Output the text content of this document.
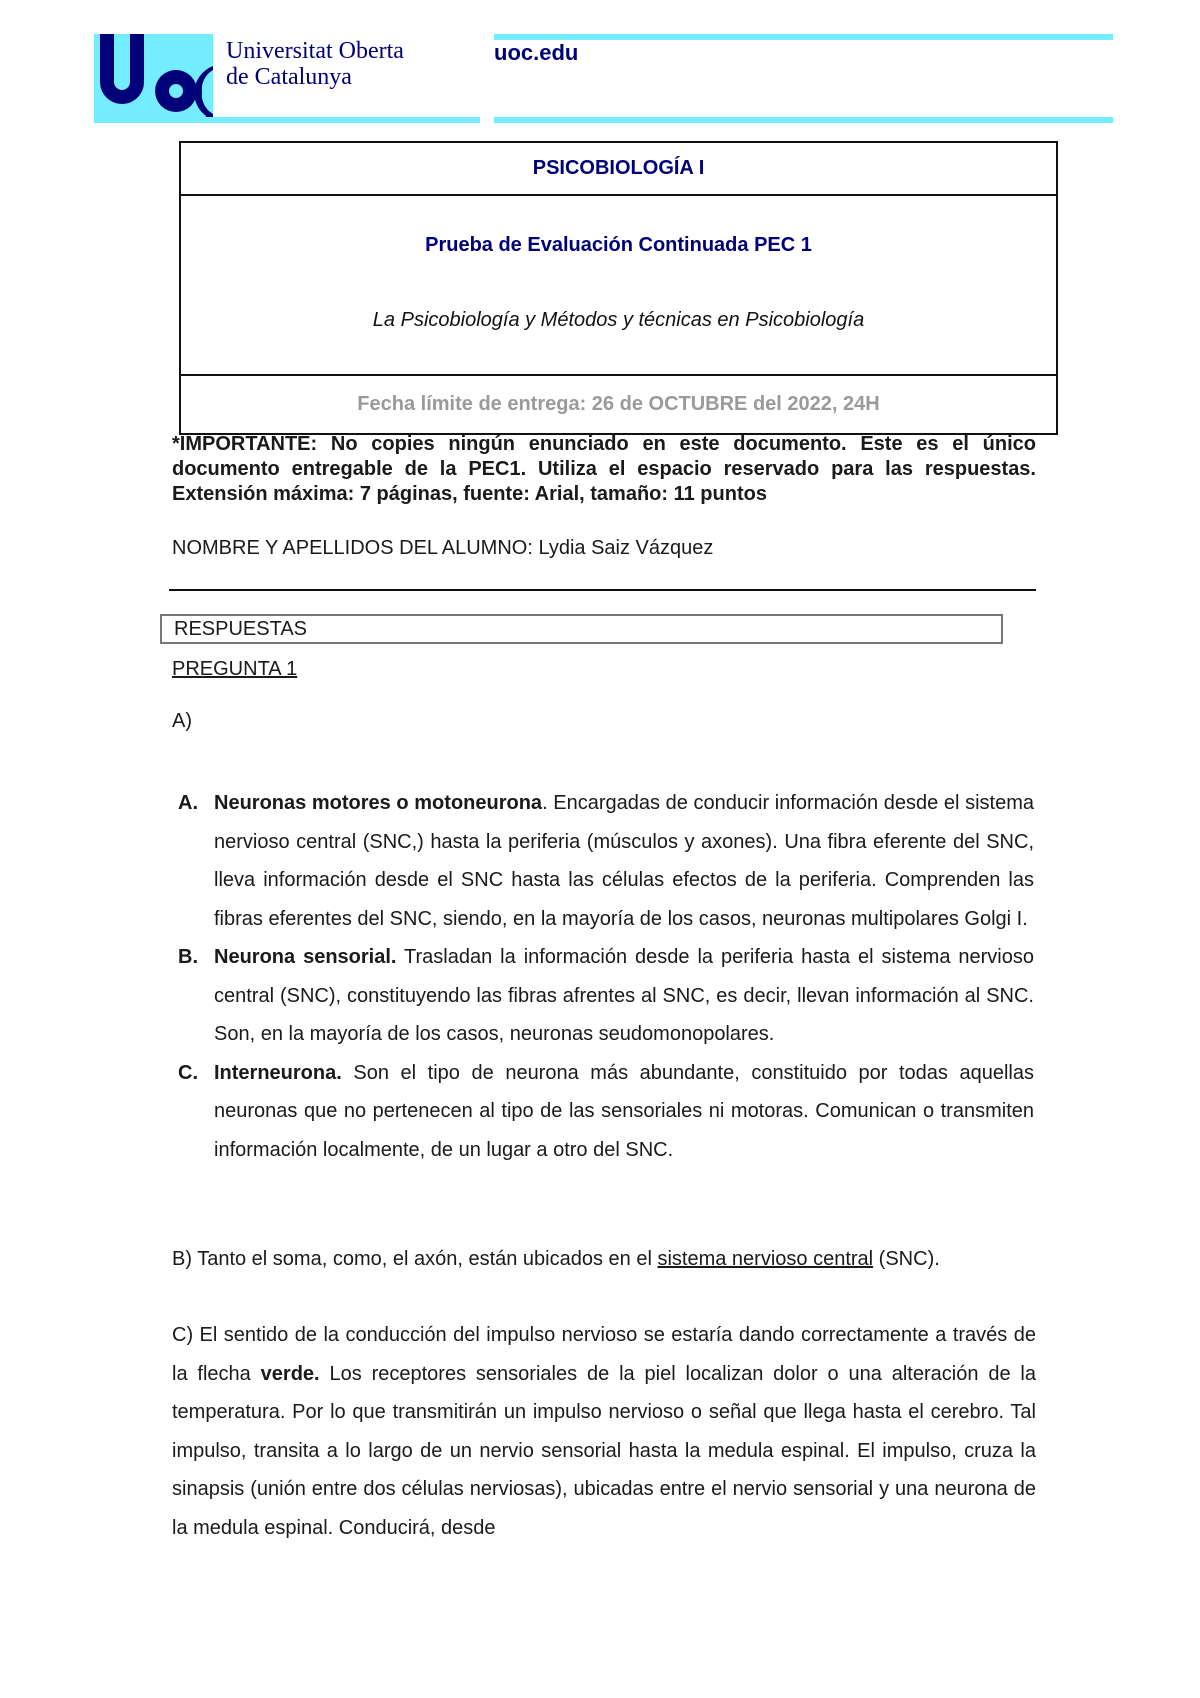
Universitat Oberta
de Catalunya
uoc.edu
PSICOBIOLOGÍA I
Prueba de Evaluación Continuada PEC 1
La Psicobiología y Métodos y técnicas en Psicobiología
Fecha límite de entrega: 26 de OCTUBRE del 2022, 24H
*IMPORTANTE: No copies ningún enunciado en este documento. Este es el único documento entregable de la PEC1. Utiliza el espacio reservado para las respuestas. Extensión máxima: 7 páginas, fuente: Arial, tamaño: 11 puntos
NOMBRE Y APELLIDOS DEL ALUMNO: Lydia Saiz Vázquez
RESPUESTAS
PREGUNTA 1
A)
A. Neuronas motores o motoneurona. Encargadas de conducir información desde el sistema nervioso central (SNC,) hasta la periferia (músculos y axones). Una fibra eferente del SNC, lleva información desde el SNC hasta las células efectos de la periferia. Comprenden las fibras eferentes del SNC, siendo, en la mayoría de los casos, neuronas multipolares Golgi I.
B. Neurona sensorial. Trasladan la información desde la periferia hasta el sistema nervioso central (SNC), constituyendo las fibras afrentes al SNC, es decir, llevan información al SNC. Son, en la mayoría de los casos, neuronas seudomonopolares.
C. Interneurona. Son el tipo de neurona más abundante, constituido por todas aquellas neuronas que no pertenecen al tipo de las sensoriales ni motoras. Comunican o transmiten información localmente, de un lugar a otro del SNC.
B) Tanto el soma, como, el axón, están ubicados en el sistema nervioso central (SNC).
C) El sentido de la conducción del impulso nervioso se estaría dando correctamente a través de la flecha verde. Los receptores sensoriales de la piel localizan dolor o una alteración de la temperatura. Por lo que transmitirán un impulso nervioso o señal que llega hasta el cerebro. Tal impulso, transita a lo largo de un nervio sensorial hasta la medula espinal. El impulso, cruza la sinapsis (unión entre dos células nerviosas), ubicadas entre el nervio sensorial y una neurona de la medula espinal. Conducirá, desde
